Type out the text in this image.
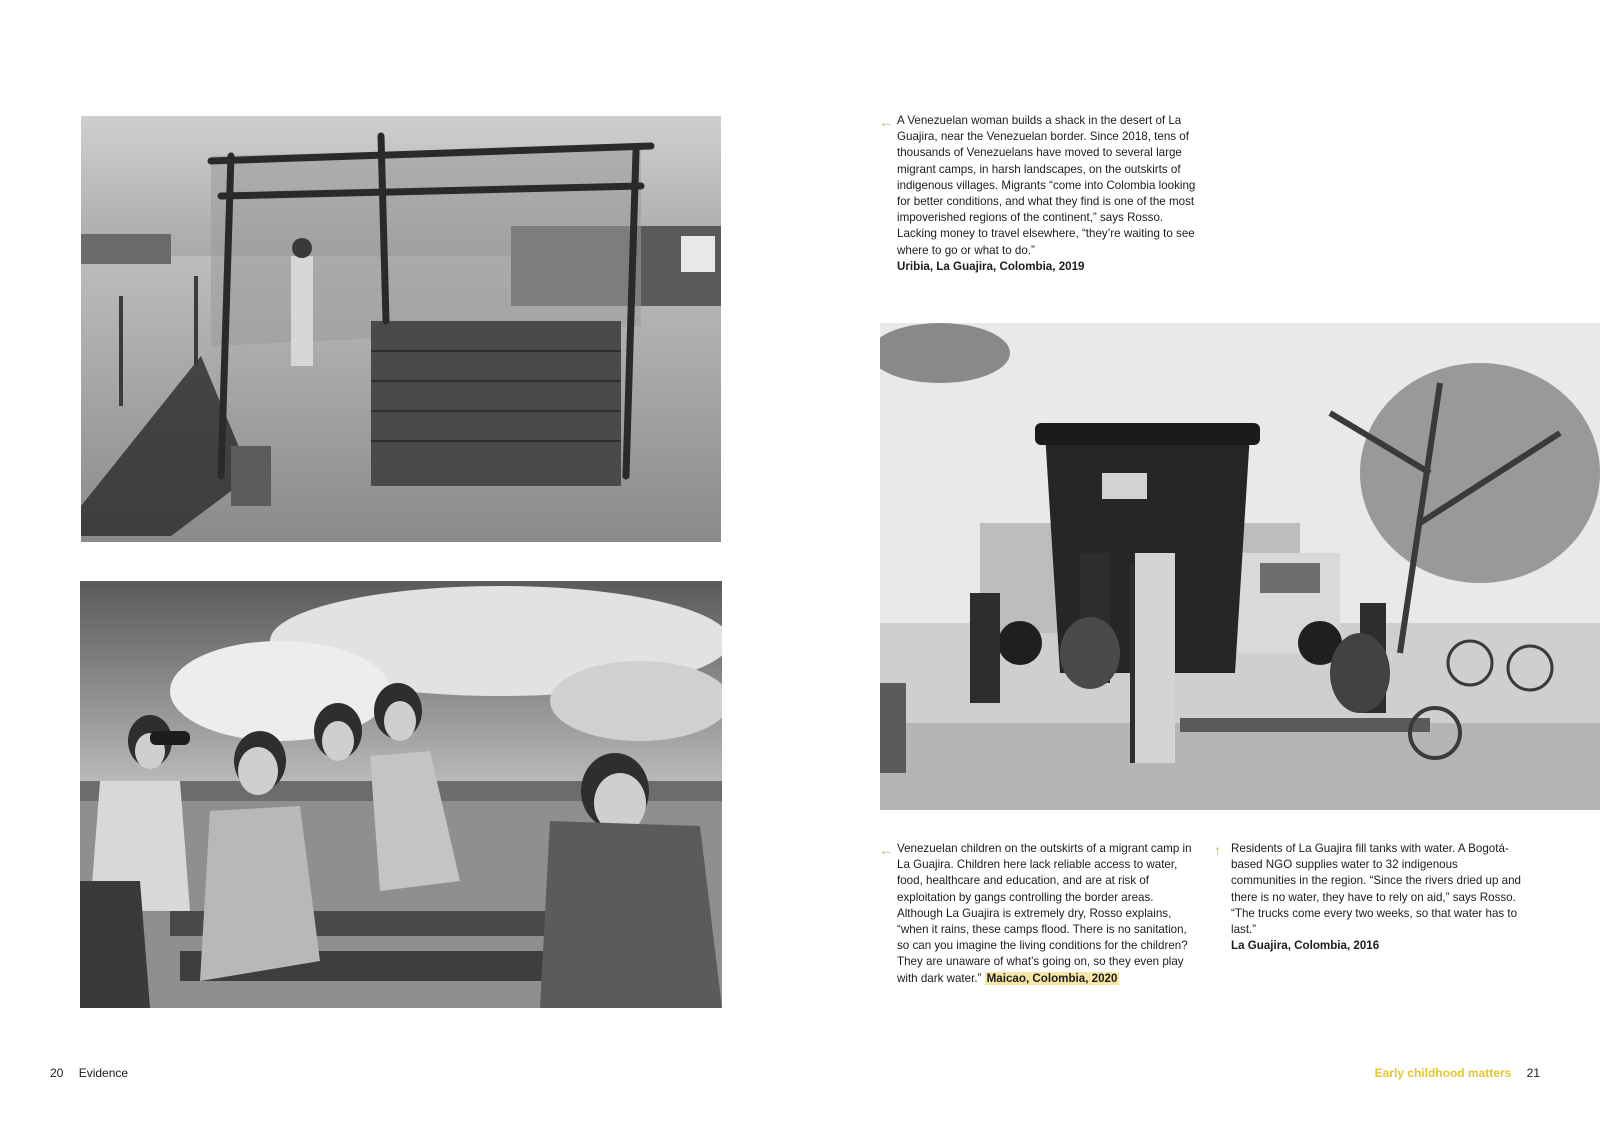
← A Venezuelan woman builds a shack in the desert of La Guajira, near the Venezuelan border. Since 2018, tens of thousands of Venezuelans have moved to several large migrant camps, in harsh landscapes, on the outskirts of indigenous villages. Migrants “come into Colombia looking for better conditions, and what they find is one of the most impoverished regions of the continent,” says Rosso. Lacking money to travel elsewhere, “they’re waiting to see where to go or what to do.”
Uribia, La Guajira, Colombia, 2019

← Venezuelan children on the outskirts of a migrant camp in La Guajira. Children here lack reliable access to water, food, healthcare and education, and are at risk of exploitation by gangs controlling the border areas. Although La Guajira is extremely dry, Rosso explains, “when it rains, these camps flood. There is no sanitation, so can you imagine the living conditions for the children? They are unaware of what’s going on, so they even play with dark water.” Maicao, Colombia, 2020

↑ Residents of La Guajira fill tanks with water. A Bogotá-based NGO supplies water to 32 indigenous communities in the region. “Since the rivers dried up and there is no water, they have to rely on aid,” says Rosso. “The trucks come every two weeks, so that water has to last.”
La Guajira, Colombia, 2016

20 Evidence	Early childhood matters 21
